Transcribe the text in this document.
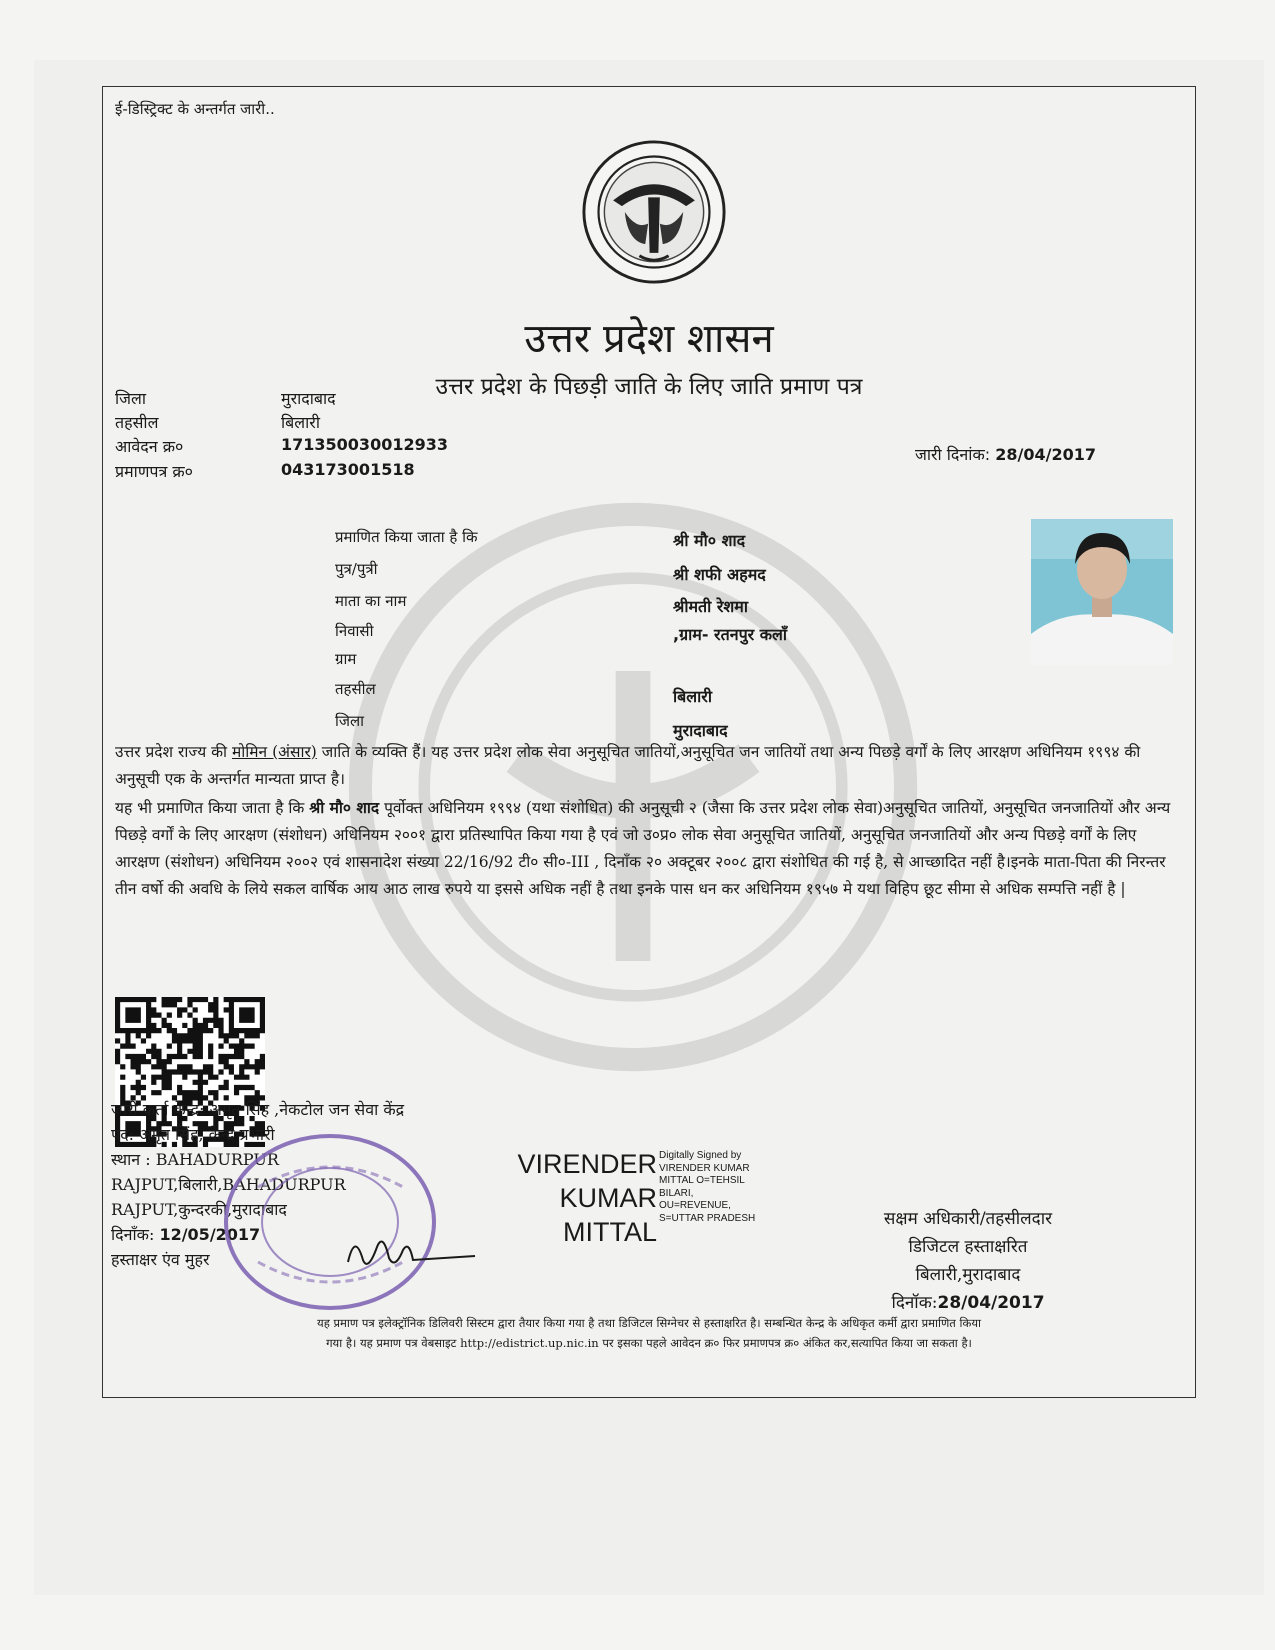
ई-डिस्ट्रिक्ट के अन्तर्गत जारी..
उत्तर प्रदेश शासन
उत्तर प्रदेश के पिछड़ी जाति के लिए जाति प्रमाण पत्र
जिला	मुरादाबाद
तहसील	बिलारी
आवेदन क्र०	171350030012933
प्रमाणपत्र क्र०	043173001518
जारी दिनांक: 28/04/2017
प्रमाणित किया जाता है कि	श्री मौ० शाद
पुत्र/पुत्री	श्री शफी अहमद
माता का नाम	श्रीमती रेशमा
निवासी	,ग्राम- रतनपुर कलाँ
ग्राम
तहसील	बिलारी
जिला	मुरादाबाद
उत्तर प्रदेश राज्य की मोमिन (अंसार) जाति के व्यक्ति हैं। यह उत्तर प्रदेश लोक सेवा अनुसूचित जातियों,अनुसूचित जन जातियों तथा अन्य पिछड़े वर्गों के लिए आरक्षण अधिनियम १९९४ की अनुसूची एक के अन्तर्गत मान्यता प्राप्त है।
यह भी प्रमाणित किया जाता है कि श्री मौ० शाद पूर्वोक्त अधिनियम १९९४ (यथा संशोधित) की अनुसूची २ (जैसा कि उत्तर प्रदेश लोक सेवा)अनुसूचित जातियों, अनुसूचित जनजातियों और अन्य पिछड़े वर्गों के लिए आरक्षण (संशोधन) अधिनियम २००१ द्वारा प्रतिस्थापित किया गया है एवं जो उ०प्र० लोक सेवा अनुसूचित जातियों, अनुसूचित जनजातियों और अन्य पिछड़े वर्गों के लिए आरक्षण (संशोधन) अधिनियम २००२ एवं शासनादेश संख्या 22/16/92 टी० सी०-III , दिनाँक २० अक्टूबर २००८ द्वारा संशोधित की गई है, से आच्छादित नहीं है।इनके माता-पिता की निरन्तर तीन वर्षो की अवधि के लिये सकल वार्षिक आय आठ लाख रुपये या इससे अधिक नहीं है तथा इनके पास धन कर अधिनियम १९५७ मे यथा विहिप छूट सीमा से अधिक सम्पत्ति नहीं है |
जारी कर्ता केन्द्र: अमृत सिंह ,नेकटोल जन सेवा केंद्र
पद: अमृत सिंह, केन्द्र प्रभारी
स्थान : BAHADURPUR
RAJPUT,बिलारी,BAHADURPUR
RAJPUT,कुन्दरकी,मुरादाबाद
दिनाँक: 12/05/2017
हस्ताक्षर एंव मुहर
VIRENDER
KUMAR
MITTAL
Digitally Signed by
VIRENDER KUMAR
MITTAL O=TEHSIL
BILARI,
OU=REVENUE,
S=UTTAR PRADESH	सक्षम अधिकारी/तहसीलदार
डिजिटल हस्ताक्षरित
बिलारी,मुरादाबाद
दिनॉक:28/04/2017
यह प्रमाण पत्र इलेक्ट्रॉनिक डिलिवरी सिस्टम द्वारा तैयार किया गया है तथा डिजिटल सिग्नेचर से हस्ताक्षरित है। सम्बन्धित केन्द्र के अधिकृत कर्मी द्वारा प्रमाणित किया
गया है। यह प्रमाण पत्र वेबसाइट http://edistrict.up.nic.in पर इसका पहले आवेदन क्र० फिर प्रमाणपत्र क्र० अंकित कर,सत्यापित किया जा सकता है।
